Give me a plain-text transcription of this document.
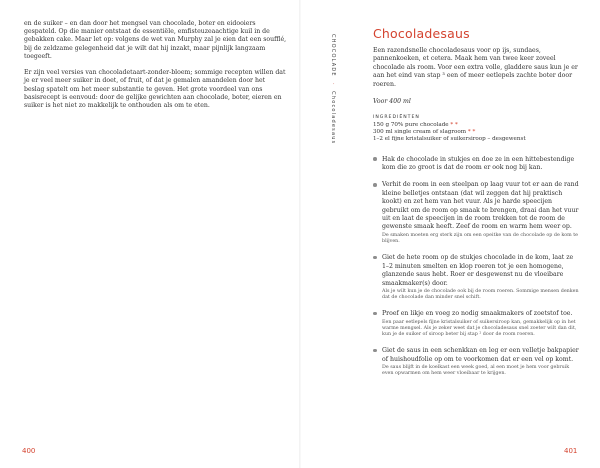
en de suiker – en dan door het mengsel van chocolade, boter en eidooiers gespateld. Op die manier ontstaat de essentiële, emfisteuzeaachtige kuil in de gebakken cake. Maar let op: volgens de wet van Murphy zal je eien dat een soufflé, bij de zeldzame gelegenheid dat je wilt dat hij inzakt, maar pijnlijk langzaam toegeeft.

Er zijn veel versies van chocoladetaart-zonder-bloem; sommige recepten willen dat je er veel meer suiker in doet, of fruit, of dat je gemalen amandelen door het beslag spatelt om het meer substantie te geven. Het grote voordeel van ons basisrecept is eenvoud: door de gelijke gewichten aan chocolade, boter, eieren en suiker is het niet zo makkelijk te onthouden als om te eten.

400
CHOCOLADE · Chocoladesaus
Chocoladesaus

Een razendsnelle chocoladesaus voor op ijs, sundaes, pannenkoeken, et cetera. Maak hem van twee keer zoveel chocolade als room. Voor een extra volle, gladdere saus kun je er aan het eind van stap ³ een of meer eetlepels zachte boter door roeren.

Voor 400 ml

INGREDIËNTEN
150 g 70% pure chocolade * *
300 ml single cream of slagroom * *
1–2 el fijne kristalsuiker of suikersiroop – desgewenst
Hak de chocolade in stukjes en doe ze in een hittebestendige kom die zo groot is dat de room er ook nog bij kan.
Verhit de room in een steelpan op laag vuur tot er aan de rand kleine belletjes ontstaan (dat wil zeggen dat hij praktisch kookt) en zet hem van het vuur. Als je harde speecijen gebruikt om de room op smaak te brengen, draai dan het vuur uit en laat de speecijen in de room trekken tot de room de gewenste smaak heeft. Zeef de room en warm hem weer op.
De smaken moeten erg sterk zijn om een opeitke van de chocolade op de kom te blijven.
Giet de hete room op de stukjes chocolade in de kom, laat ze 1–2 minuten smelten en klop roeren tot je een homogene, glanzende saus hebt. Roer er desgewenst nu de vloeibare smaakmaker(s) door.
Als je wilt kun je de chocolade ook bij de room roeren. Sommige mensen denken dat de chocolade dan minder snel schift.
Proef en likje en voeg zo nodig smaakmakers of zoetstof toe.
Een paar eetlepels fijne kristalsuiker of suikersiroop kan, gemakkelijk op in het warme mengsel. Als je zeker weet dat je chocoladesaus snel zoeter wilt dan dit, kun je de suiker of siroop beter bij stap ² door de room roeren.
Giet de saus in een schenkkan en leg er een velletje bakpapier of huishoudfolie op om te voorkomen dat er een vel op komt.
De saus blijft in de koelkast een week goed, al een moet je hem voor gebruik even opwarmen om hem weer vloeibaar te krijgen.
401
